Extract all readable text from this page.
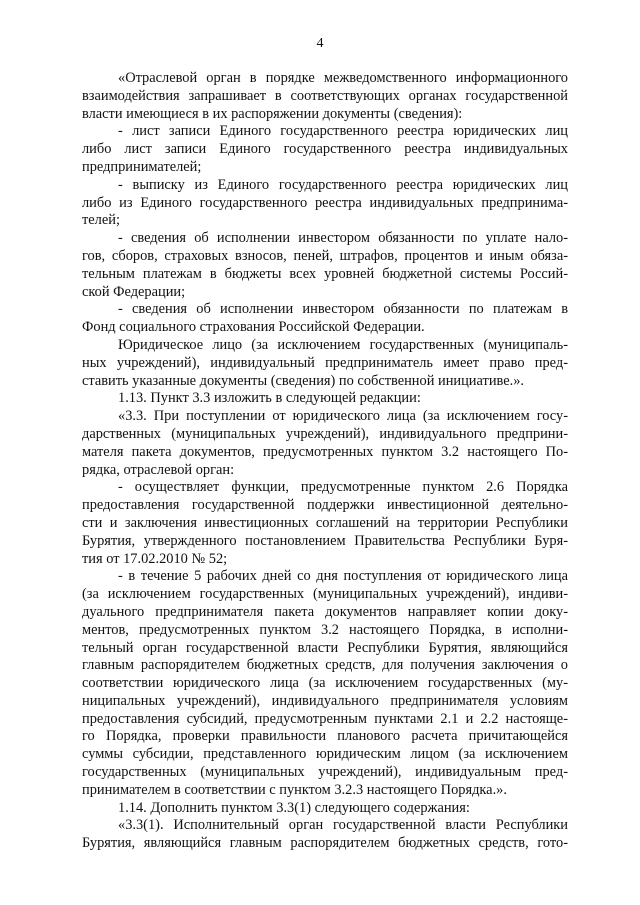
4
«Отраслевой орган в порядке межведомственного информационного
взаимодействия запрашивает в соответствующих органах государственной
власти имеющиеся в их распоряжении документы (сведения):
- лист записи Единого государственного реестра юридических лиц
либо лист записи Единого государственного реестра индивидуальных
предпринимателей;
- выписку из Единого государственного реестра юридических лиц
либо из Единого государственного реестра индивидуальных предпринима-
телей;
- сведения об исполнении инвестором обязанности по уплате нало-
гов, сборов, страховых взносов, пеней, штрафов, процентов и иным обяза-
тельным платежам в бюджеты всех уровней бюджетной системы Россий-
ской Федерации;
- сведения об исполнении инвестором обязанности по платежам в
Фонд социального страхования Российской Федерации.
Юридическое лицо (за исключением государственных (муниципаль-
ных учреждений), индивидуальный предприниматель имеет право пред-
ставить указанные документы (сведения) по собственной инициативе.».
1.13. Пункт 3.3 изложить в следующей редакции:
«3.3. При поступлении от юридического лица (за исключением госу-
дарственных (муниципальных учреждений), индивидуального предприни-
мателя пакета документов, предусмотренных пунктом 3.2 настоящего По-
рядка, отраслевой орган:
- осуществляет функции, предусмотренные пунктом 2.6 Порядка
предоставления государственной поддержки инвестиционной деятельно-
сти и заключения инвестиционных соглашений на территории Республики
Бурятия, утвержденного постановлением Правительства Республики Буря-
тия от 17.02.2010 № 52;
- в течение 5 рабочих дней со дня поступления от юридического лица
(за исключением государственных (муниципальных учреждений), индиви-
дуального предпринимателя пакета документов направляет копии доку-
ментов, предусмотренных пунктом 3.2 настоящего Порядка, в исполни-
тельный орган государственной власти Республики Бурятия, являющийся
главным распорядителем бюджетных средств, для получения заключения о
соответствии юридического лица (за исключением государственных (му-
ниципальных учреждений), индивидуального предпринимателя условиям
предоставления субсидий, предусмотренным пунктами 2.1 и 2.2 настояще-
го Порядка, проверки правильности планового расчета причитающейся
суммы субсидии, представленного юридическим лицом (за исключением
государственных (муниципальных учреждений), индивидуальным пред-
принимателем в соответствии с пунктом 3.2.3 настоящего Порядка.».
1.14. Дополнить пунктом 3.3(1) следующего содержания:
«3.3(1). Исполнительный орган государственной власти Республики
Бурятия, являющийся главным распорядителем бюджетных средств, гото-
